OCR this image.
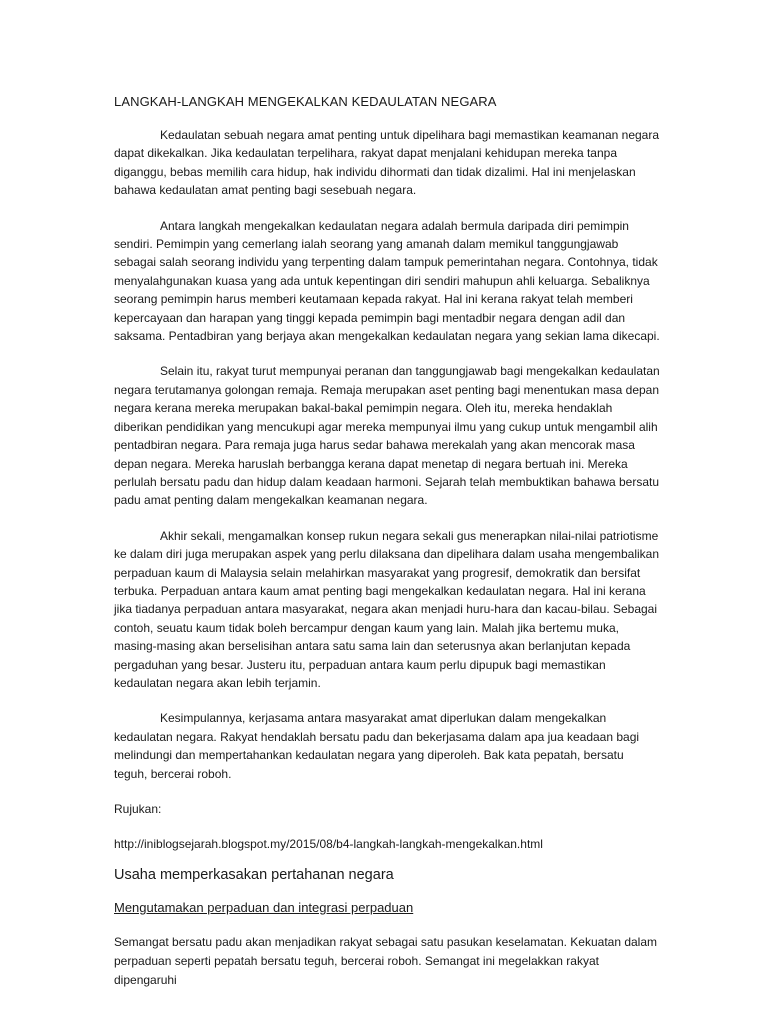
LANGKAH-LANGKAH MENGEKALKAN KEDAULATAN NEGARA

Kedaulatan sebuah negara amat penting untuk dipelihara bagi memastikan keamanan negara dapat dikekalkan. Jika kedaulatan terpelihara, rakyat dapat menjalani kehidupan mereka tanpa diganggu, bebas memilih cara hidup, hak individu dihormati dan tidak dizalimi. Hal ini menjelaskan bahawa kedaulatan amat penting bagi sesebuah negara.

Antara langkah mengekalkan kedaulatan negara adalah bermula daripada diri pemimpin sendiri. Pemimpin yang cemerlang ialah seorang yang amanah dalam memikul tanggungjawab sebagai salah seorang individu yang terpenting dalam tampuk pemerintahan negara. Contohnya, tidak menyalahgunakan kuasa yang ada untuk kepentingan diri sendiri mahupun ahli keluarga. Sebaliknya seorang pemimpin harus memberi keutamaan kepada rakyat. Hal ini kerana rakyat telah memberi kepercayaan dan harapan yang tinggi kepada pemimpin bagi mentadbir negara dengan adil dan saksama. Pentadbiran yang berjaya akan mengekalkan kedaulatan negara yang sekian lama dikecapi.

Selain itu, rakyat turut mempunyai peranan dan tanggungjawab bagi mengekalkan kedaulatan negara terutamanya golongan remaja. Remaja merupakan aset penting bagi menentukan masa depan negara kerana mereka merupakan bakal-bakal pemimpin negara. Oleh itu, mereka hendaklah diberikan pendidikan yang mencukupi agar mereka mempunyai ilmu yang cukup untuk mengambil alih pentadbiran negara. Para remaja juga harus sedar bahawa merekalah yang akan mencorak masa depan negara. Mereka haruslah berbangga kerana dapat menetap di negara bertuah ini. Mereka perlulah bersatu padu dan hidup dalam keadaan harmoni. Sejarah telah membuktikan bahawa bersatu padu amat penting dalam mengekalkan keamanan negara.

Akhir sekali, mengamalkan konsep rukun negara sekali gus menerapkan nilai-nilai patriotisme ke dalam diri juga merupakan aspek yang perlu dilaksana dan dipelihara dalam usaha mengembalikan perpaduan kaum di Malaysia selain melahirkan masyarakat yang progresif, demokratik dan bersifat terbuka. Perpaduan antara kaum amat penting bagi mengekalkan kedaulatan negara. Hal ini kerana jika tiadanya perpaduan antara masyarakat, negara akan menjadi huru-hara dan kacau-bilau. Sebagai contoh, seuatu kaum tidak boleh bercampur dengan kaum yang lain. Malah jika bertemu muka, masing-masing akan berselisihan antara satu sama lain dan seterusnya akan berlanjutan kepada pergaduhan yang besar. Justeru itu, perpaduan antara kaum perlu dipupuk bagi memastikan kedaulatan negara akan lebih terjamin.

Kesimpulannya, kerjasama antara masyarakat amat diperlukan dalam mengekalkan kedaulatan negara. Rakyat hendaklah bersatu padu dan bekerjasama dalam apa jua keadaan bagi melindungi dan mempertahankan kedaulatan negara yang diperoleh. Bak kata pepatah, bersatu teguh, bercerai roboh.

Rujukan:

http://iniblogsejarah.blogspot.my/2015/08/b4-langkah-langkah-mengekalkan.html

Usaha memperkasakan pertahanan negara

Mengutamakan perpaduan dan integrasi perpaduan

Semangat bersatu padu akan menjadikan rakyat sebagai satu pasukan keselamatan. Kekuatan dalam perpaduan seperti pepatah bersatu teguh, bercerai roboh. Semangat ini megelakkan rakyat dipengaruhi
